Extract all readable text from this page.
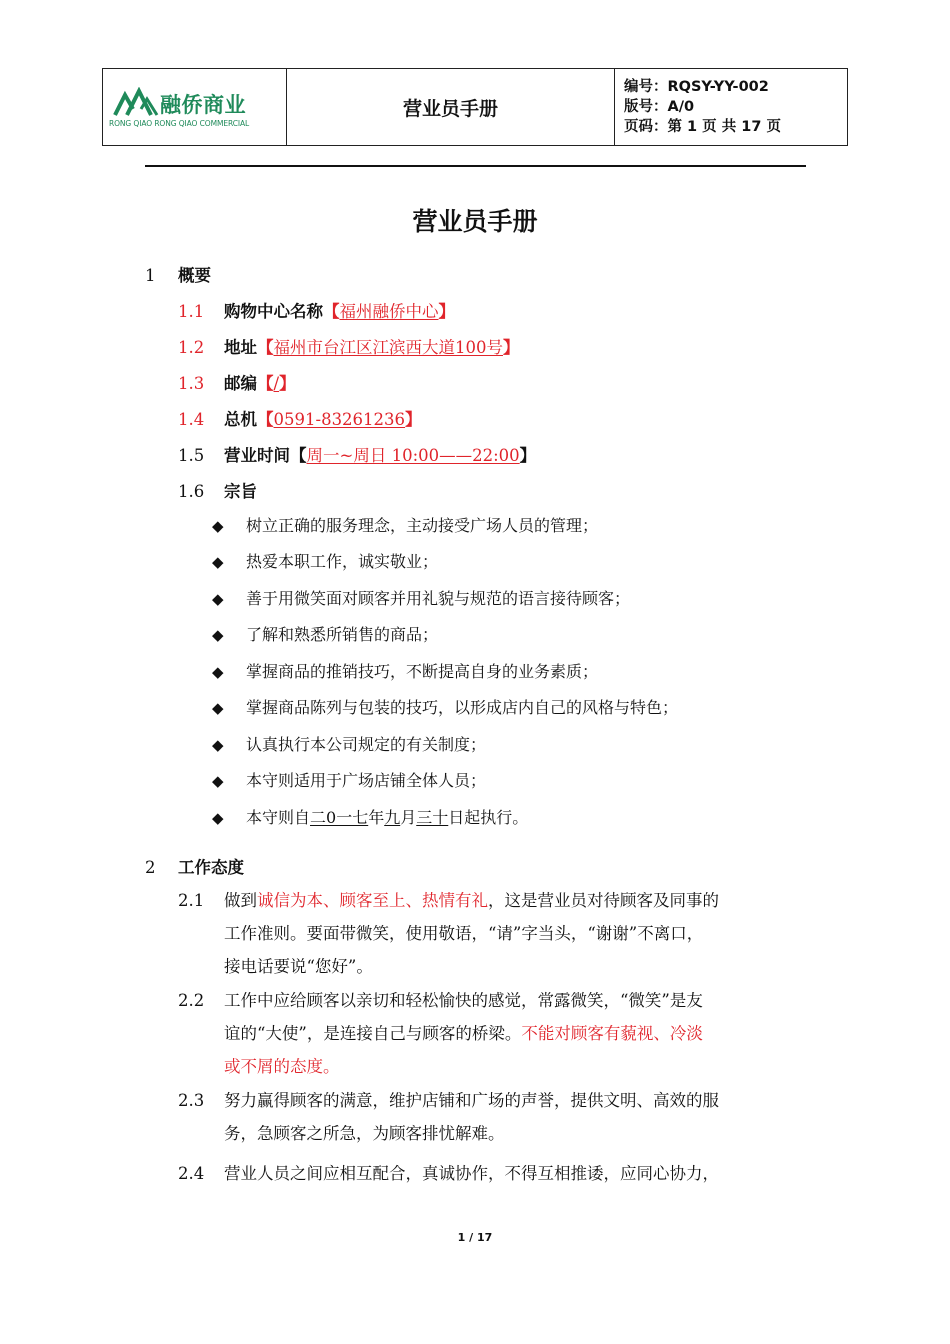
融侨商业
RONG QIAO RONG QIAO COMMERCIAL
营业员手册
编号：RQSY-YY-002
版号：A/0
页码：第 1 页 共 17 页
营业员手册
1 概要
1.1 购物中心名称【福州融侨中心】
1.2 地址【福州市台江区江滨西大道100号】
1.3 邮编【/】
1.4 总机【0591-83261236】
1.5 营业时间【周一~周日 10:00——22:00】
1.6 宗旨
◆ 树立正确的服务理念，主动接受广场人员的管理；
◆ 热爱本职工作，诚实敬业；
◆ 善于用微笑面对顾客并用礼貌与规范的语言接待顾客；
◆ 了解和熟悉所销售的商品；
◆ 掌握商品的推销技巧，不断提高自身的业务素质；
◆ 掌握商品陈列与包装的技巧，以形成店内自己的风格与特色；
◆ 认真执行本公司规定的有关制度；
◆ 本守则适用于广场店铺全体人员；
◆ 本守则自二0一七年九月三十日起执行。
2 工作态度
2.1 做到诚信为本、顾客至上、热情有礼，这是营业员对待顾客及同事的
工作准则。要面带微笑，使用敬语，“请”字当头，“谢谢”不离口，
接电话要说“您好”。
2.2 工作中应给顾客以亲切和轻松愉快的感觉，常露微笑，“微笑”是友
谊的“大使”，是连接自己与顾客的桥梁。不能对顾客有藐视、冷淡
或不屑的态度。
2.3 努力赢得顾客的满意，维护店铺和广场的声誉，提供文明、高效的服
务，急顾客之所急，为顾客排忧解难。
2.4 营业人员之间应相互配合，真诚协作，不得互相推诿，应同心协力，
1 / 17
